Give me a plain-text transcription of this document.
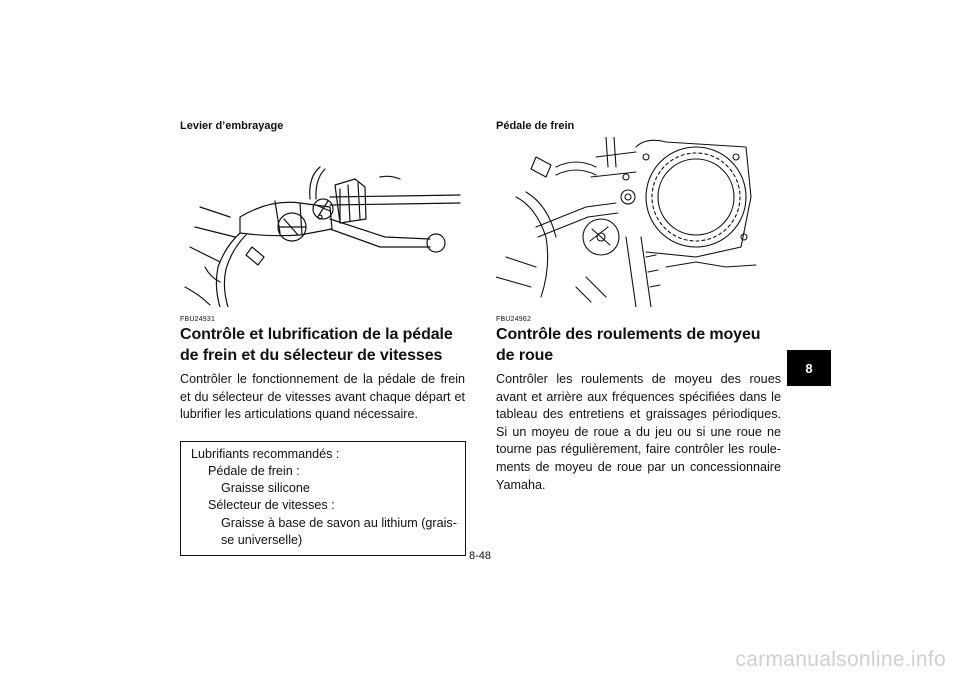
Levier d’embrayage
FBU24931
Contrôle et lubrification de la pédale de frein et du sélecteur de vitesses

Contrôler le fonctionnement de la pédale de frein et du sélecteur de vitesses avant chaque départ et lubrifier les articulations quand nécessaire.

Lubrifiants recommandés :
Pédale de frein :
Graisse silicone
Sélecteur de vitesses :
Graisse à base de savon au lithium (grais-
se universelle)
Pédale de frein
FBU24962
Contrôle des roulements de moyeu de roue

Contrôler les roulements de moyeu des roues avant et arrière aux fréquences spécifiées dans le tableau des entretiens et graissages périodiques. Si un moyeu de roue a du jeu ou si une roue ne tourne pas régulièrement, faire contrôler les roule-ments de moyeu de roue par un concessionnaire Yamaha.

8
8-48
carmanualsonline.info
